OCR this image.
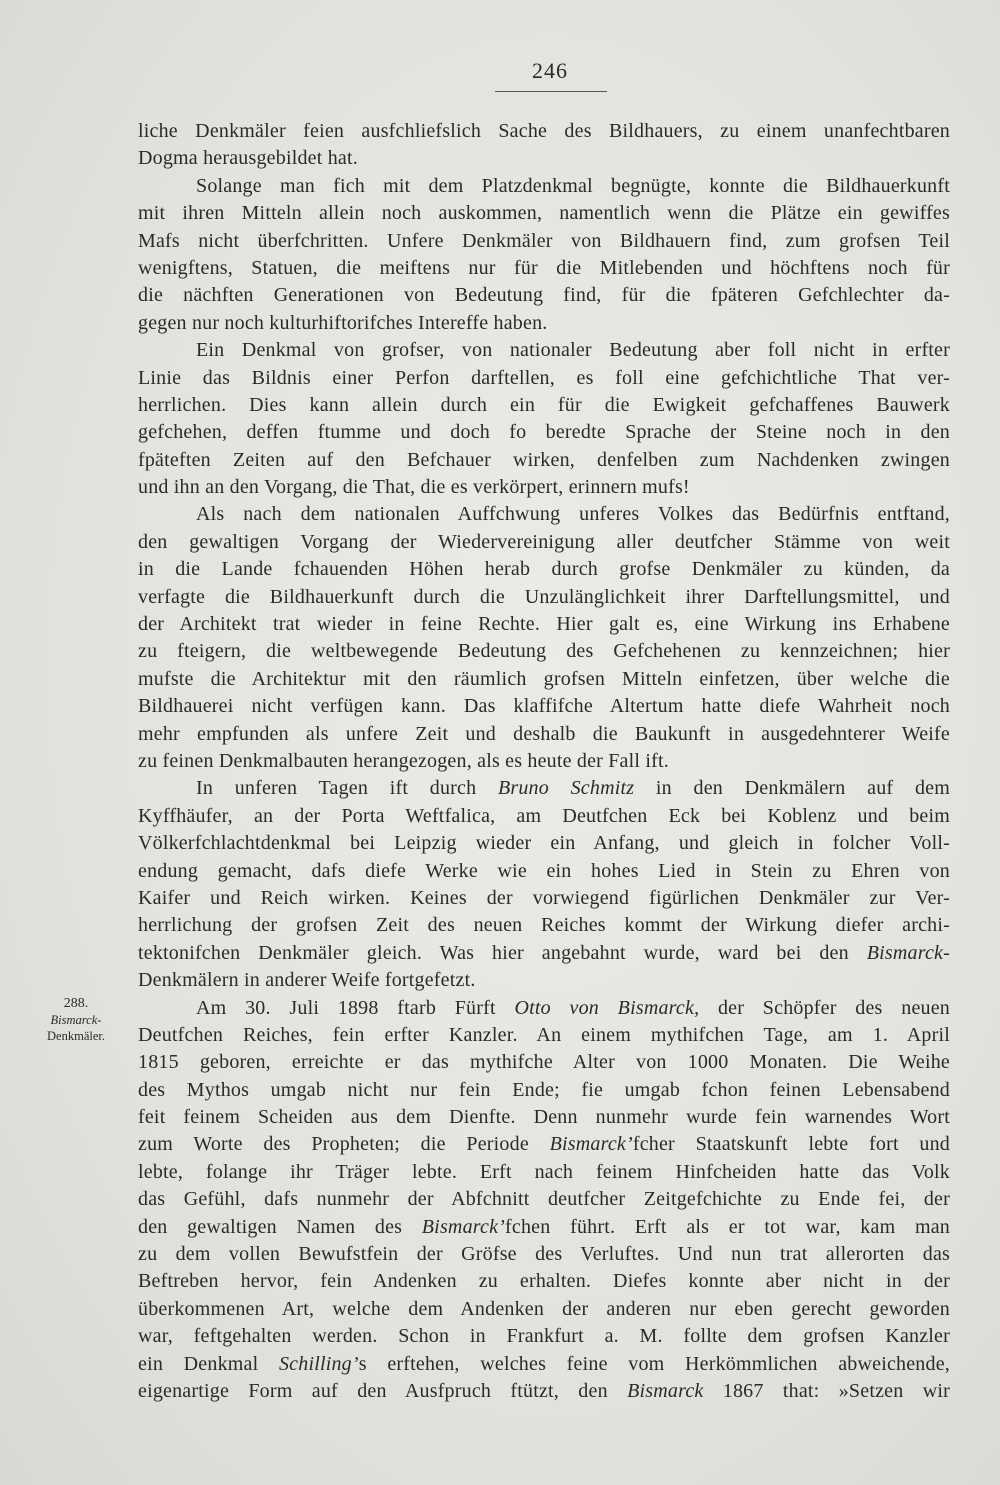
246
288.
Bismarck-
Denkmäler.
liche Denkmäler feien ausfchliefslich Sache des Bildhauers, zu einem unanfechtbaren
Dogma herausgebildet hat.
Solange man fich mit dem Platzdenkmal begnügte, konnte die Bildhauerkunft
mit ihren Mitteln allein noch auskommen, namentlich wenn die Plätze ein gewiffes
Mafs nicht überfchritten. Unfere Denkmäler von Bildhauern find, zum grofsen Teil
wenigftens, Statuen, die meiftens nur für die Mitlebenden und höchftens noch für
die nächften Generationen von Bedeutung find, für die fpäteren Gefchlechter da-
gegen nur noch kulturhiftorifches Intereffe haben.
Ein Denkmal von grofser, von nationaler Bedeutung aber foll nicht in erfter
Linie das Bildnis einer Perfon darftellen, es foll eine gefchichtliche That ver-
herrlichen. Dies kann allein durch ein für die Ewigkeit gefchaffenes Bauwerk
gefchehen, deffen ftumme und doch fo beredte Sprache der Steine noch in den
fpäteften Zeiten auf den Befchauer wirken, denfelben zum Nachdenken zwingen
und ihn an den Vorgang, die That, die es verkörpert, erinnern mufs!
Als nach dem nationalen Auffchwung unferes Volkes das Bedürfnis entftand,
den gewaltigen Vorgang der Wiedervereinigung aller deutfcher Stämme von weit
in die Lande fchauenden Höhen herab durch grofse Denkmäler zu künden, da
verfagte die Bildhauerkunft durch die Unzulänglichkeit ihrer Darftellungsmittel, und
der Architekt trat wieder in feine Rechte. Hier galt es, eine Wirkung ins Erhabene
zu fteigern, die weltbewegende Bedeutung des Gefchehenen zu kennzeichnen; hier
mufste die Architektur mit den räumlich grofsen Mitteln einfetzen, über welche die
Bildhauerei nicht verfügen kann. Das klaffifche Altertum hatte diefe Wahrheit noch
mehr empfunden als unfere Zeit und deshalb die Baukunft in ausgedehnterer Weife
zu feinen Denkmalbauten herangezogen, als es heute der Fall ift.
In unferen Tagen ift durch Bruno Schmitz in den Denkmälern auf dem
Kyffhäufer, an der Porta Weftfalica, am Deutfchen Eck bei Koblenz und beim
Völkerfchlachtdenkmal bei Leipzig wieder ein Anfang, und gleich in folcher Voll-
endung gemacht, dafs diefe Werke wie ein hohes Lied in Stein zu Ehren von
Kaifer und Reich wirken. Keines der vorwiegend figürlichen Denkmäler zur Ver-
herrlichung der grofsen Zeit des neuen Reiches kommt der Wirkung diefer archi-
tektonifchen Denkmäler gleich. Was hier angebahnt wurde, ward bei den Bismarck-
Denkmälern in anderer Weife fortgefetzt.
Am 30. Juli 1898 ftarb Fürft Otto von Bismarck, der Schöpfer des neuen
Deutfchen Reiches, fein erfter Kanzler. An einem mythifchen Tage, am 1. April
1815 geboren, erreichte er das mythifche Alter von 1000 Monaten. Die Weihe
des Mythos umgab nicht nur fein Ende; fie umgab fchon feinen Lebensabend
feit feinem Scheiden aus dem Dienfte. Denn nunmehr wurde fein warnendes Wort
zum Worte des Propheten; die Periode Bismarck’fcher Staatskunft lebte fort und
lebte, folange ihr Träger lebte. Erft nach feinem Hinfcheiden hatte das Volk
das Gefühl, dafs nunmehr der Abfchnitt deutfcher Zeitgefchichte zu Ende fei, der
den gewaltigen Namen des Bismarck’fchen führt. Erft als er tot war, kam man
zu dem vollen Bewufstfein der Gröfse des Verluftes. Und nun trat allerorten das
Beftreben hervor, fein Andenken zu erhalten. Diefes konnte aber nicht in der
überkommenen Art, welche dem Andenken der anderen nur eben gerecht geworden
war, feftgehalten werden. Schon in Frankfurt a. M. follte dem grofsen Kanzler
ein Denkmal Schilling’s erftehen, welches feine vom Herkömmlichen abweichende,
eigenartige Form auf den Ausfpruch ftützt, den Bismarck 1867 that: »Setzen wir
